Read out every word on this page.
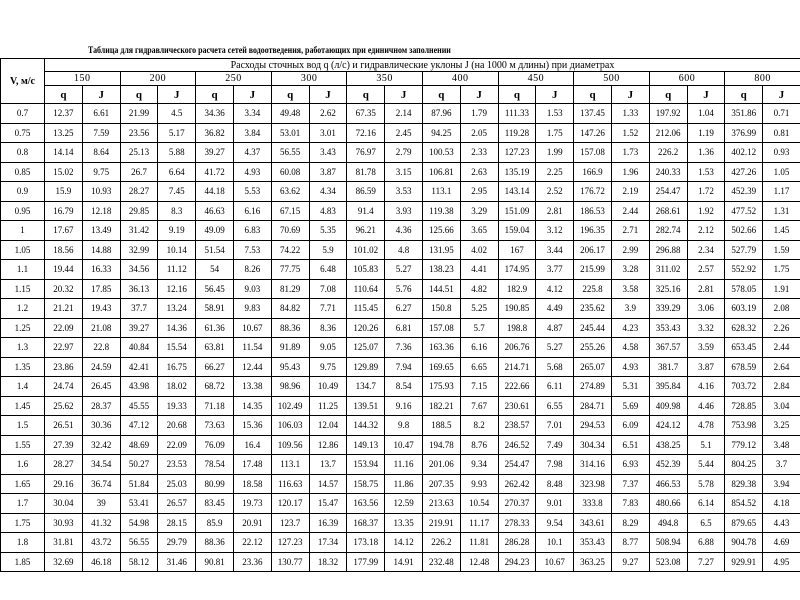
Таблица для гидравлического расчета сетей водоотведения, работающих при единичном заполнении
V, м/с	Расходы сточных вод q (л/с) и гидравлические уклоны J (на 1000 м длины) при диаметрах																			
	150		200		250		300		350		400		450		500		600		800	
	q	J	q	J	q	J	q	J	q	J	q	J	q	J	q	J	q	J	q	J
0.7	12.37	6.61	21.99	4.5	34.36	3.34	49.48	2.62	67.35	2.14	87.96	1.79	111.33	1.53	137.45	1.33	197.92	1.04	351.86	0.71
0.75	13.25	7.59	23.56	5.17	36.82	3.84	53.01	3.01	72.16	2.45	94.25	2.05	119.28	1.75	147.26	1.52	212.06	1.19	376.99	0.81
0.8	14.14	8.64	25.13	5.88	39.27	4.37	56.55	3.43	76.97	2.79	100.53	2.33	127.23	1.99	157.08	1.73	226.2	1.36	402.12	0.93
0.85	15.02	9.75	26.7	6.64	41.72	4.93	60.08	3.87	81.78	3.15	106.81	2.63	135.19	2.25	166.9	1.96	240.33	1.53	427.26	1.05
0.9	15.9	10.93	28.27	7.45	44.18	5.53	63.62	4.34	86.59	3.53	113.1	2.95	143.14	2.52	176.72	2.19	254.47	1.72	452.39	1.17
0.95	16.79	12.18	29.85	8.3	46.63	6.16	67.15	4.83	91.4	3.93	119.38	3.29	151.09	2.81	186.53	2.44	268.61	1.92	477.52	1.31
1	17.67	13.49	31.42	9.19	49.09	6.83	70.69	5.35	96.21	4.36	125.66	3.65	159.04	3.12	196.35	2.71	282.74	2.12	502.66	1.45
1.05	18.56	14.88	32.99	10.14	51.54	7.53	74.22	5.9	101.02	4.8	131.95	4.02	167	3.44	206.17	2.99	296.88	2.34	527.79	1.59
1.1	19.44	16.33	34.56	11.12	54	8.26	77.75	6.48	105.83	5.27	138.23	4.41	174.95	3.77	215.99	3.28	311.02	2.57	552.92	1.75
1.15	20.32	17.85	36.13	12.16	56.45	9.03	81.29	7.08	110.64	5.76	144.51	4.82	182.9	4.12	225.8	3.58	325.16	2.81	578.05	1.91
1.2	21.21	19.43	37.7	13.24	58.91	9.83	84.82	7.71	115.45	6.27	150.8	5.25	190.85	4.49	235.62	3.9	339.29	3.06	603.19	2.08
1.25	22.09	21.08	39.27	14.36	61.36	10.67	88.36	8.36	120.26	6.81	157.08	5.7	198.8	4.87	245.44	4.23	353.43	3.32	628.32	2.26
1.3	22.97	22.8	40.84	15.54	63.81	11.54	91.89	9.05	125.07	7.36	163.36	6.16	206.76	5.27	255.26	4.58	367.57	3.59	653.45	2.44
1.35	23.86	24.59	42.41	16.75	66.27	12.44	95.43	9.75	129.89	7.94	169.65	6.65	214.71	5.68	265.07	4.93	381.7	3.87	678.59	2.64
1.4	24.74	26.45	43.98	18.02	68.72	13.38	98.96	10.49	134.7	8.54	175.93	7.15	222.66	6.11	274.89	5.31	395.84	4.16	703.72	2.84
1.45	25.62	28.37	45.55	19.33	71.18	14.35	102.49	11.25	139.51	9.16	182.21	7.67	230.61	6.55	284.71	5.69	409.98	4.46	728.85	3.04
1.5	26.51	30.36	47.12	20.68	73.63	15.36	106.03	12.04	144.32	9.8	188.5	8.2	238.57	7.01	294.53	6.09	424.12	4.78	753.98	3.25
1.55	27.39	32.42	48.69	22.09	76.09	16.4	109.56	12.86	149.13	10.47	194.78	8.76	246.52	7.49	304.34	6.51	438.25	5.1	779.12	3.48
1.6	28.27	34.54	50.27	23.53	78.54	17.48	113.1	13.7	153.94	11.16	201.06	9.34	254.47	7.98	314.16	6.93	452.39	5.44	804.25	3.7
1.65	29.16	36.74	51.84	25.03	80.99	18.58	116.63	14.57	158.75	11.86	207.35	9.93	262.42	8.48	323.98	7.37	466.53	5.78	829.38	3.94
1.7	30.04	39	53.41	26.57	83.45	19.73	120.17	15.47	163.56	12.59	213.63	10.54	270.37	9.01	333.8	7.83	480.66	6.14	854.52	4.18
1.75	30.93	41.32	54.98	28.15	85.9	20.91	123.7	16.39	168.37	13.35	219.91	11.17	278.33	9.54	343.61	8.29	494.8	6.5	879.65	4.43
1.8	31.81	43.72	56.55	29.79	88.36	22.12	127.23	17.34	173.18	14.12	226.2	11.81	286.28	10.1	353.43	8.77	508.94	6.88	904.78	4.69
1.85	32.69	46.18	58.12	31.46	90.81	23.36	130.77	18.32	177.99	14.91	232.48	12.48	294.23	10.67	363.25	9.27	523.08	7.27	929.91	4.95
